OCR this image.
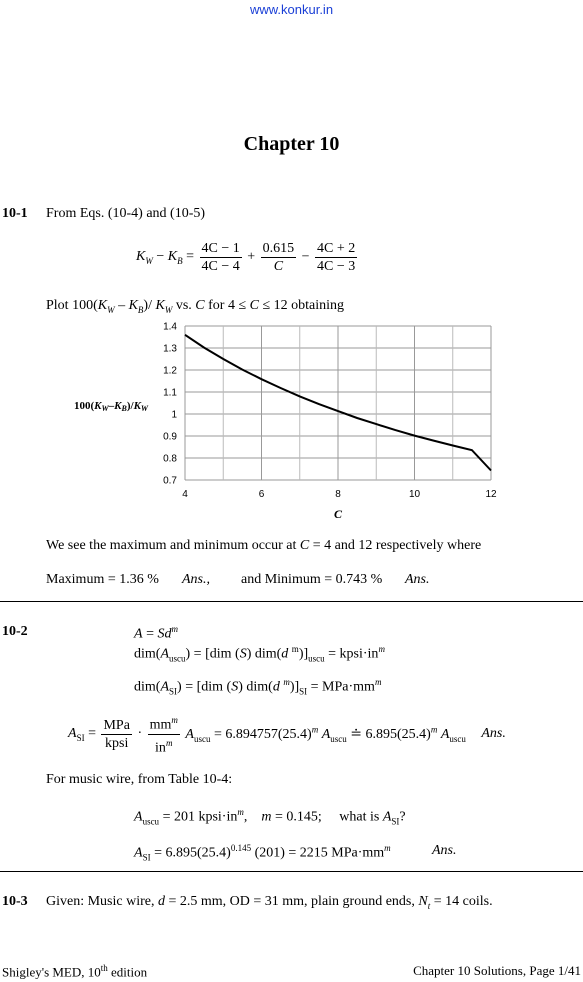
www.konkur.in
Chapter 10
10-1 From Eqs. (10-4) and (10-5)
$K_W - K_B = \frac{4C - 1}{4C - 4} + \frac{0.615}{C} - \frac{4C + 2}{4C - 3}$
Plot $100(K_W - K_B)/$ $K_W$ vs. C for 4 ≤ C ≤ 12 obtaining
0.7
0.8
0.9
1
1.1
1.2
1.3
1.4
4	6	8	10	12
100(KW–KB)/KW
C
We see the maximum and minimum occur at C = 4 and 12 respectively where
Maximum = 1.36 % Ans., and Minimum = 0.743 % Ans.
10-2	$A = Sd^m$
$dim(A_{uscu}) = [dim$ (S) dim(d $^m)]_{uscu}$ = $kpsi\cdot in^m$
$dim(A_{SI}) = [dim$ (S) dim(d $^m)]_{SI} = MPa\cdot mm^m$
$A_{SI} = \frac{\text{MPa}}{\text{kpsi}} \cdot \frac{mm^m}{in^m} A_{uscu} = 6.894757(25.4)^m$ $A_{uscu}$ ≐ $6.895(25.4)^m$ $A_{uscu}$ Ans.
For music wire, from Table 10-4:
$A_{uscu} = 201$ $kpsi\cdot in^m$,    m = 0.145;     what is $A_{SI}$?
$A_{SI} = 6.895(25.4)^{0.145}$ (201) = 2215 $MPa\cdot mm^m$	Ans.
10-3 Given: Music wire, d = 2.5 mm, OD = 31 mm, plain ground ends, $N_t = 14$ coils.
Shigley's MED, 10th edition	Chapter 10 Solutions, Page 1/41
